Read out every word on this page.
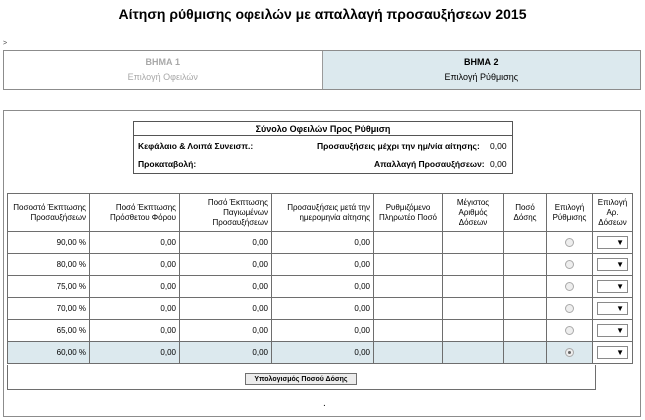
Αίτηση ρύθμισης οφειλών με απαλλαγή προσαυξήσεων 2015
>
ΒΗΜΑ 1
Επιλογή Οφειλών
ΒΗΜΑ 2
Επιλογή Ρύθμισης
Σύνολο Οφειλών Προς Ρύθμιση
Κεφάλαιο & Λοιπά Συνεισπ.:	Προσαυξήσεις μέχρι την ημ/νία αίτησης: 0,00
Προκαταβολή:	Απαλλαγή Προσαυξήσεων: 0,00
Ποσοστό Έκπτωσης Προσαυξήσεων	Ποσό Έκπτωσης Πρόσθετου Φόρου	Ποσό Έκπτωσης Παγιωμένων Προσαυξήσεων	Προσαυξήσεις μετά την ημερομηνία αίτησης	Ρυθμιζόμενο Πληρωτέο Ποσό	Μέγιστος Αριθμός Δόσεων	Ποσό Δόσης	Επιλογή Ρύθμισης	Επιλογή Αρ. Δόσεων
90,00 %	0,00	0,00	0,00					▼

80,00 %	0,00	0,00	0,00					▼

75,00 %	0,00	0,00	0,00					▼

70,00 %	0,00	0,00	0,00					▼

65,00 %	0,00	0,00	0,00					▼

60,00 %	0,00	0,00	0,00					▼
Υπολογισμός Ποσού Δόσης
.
